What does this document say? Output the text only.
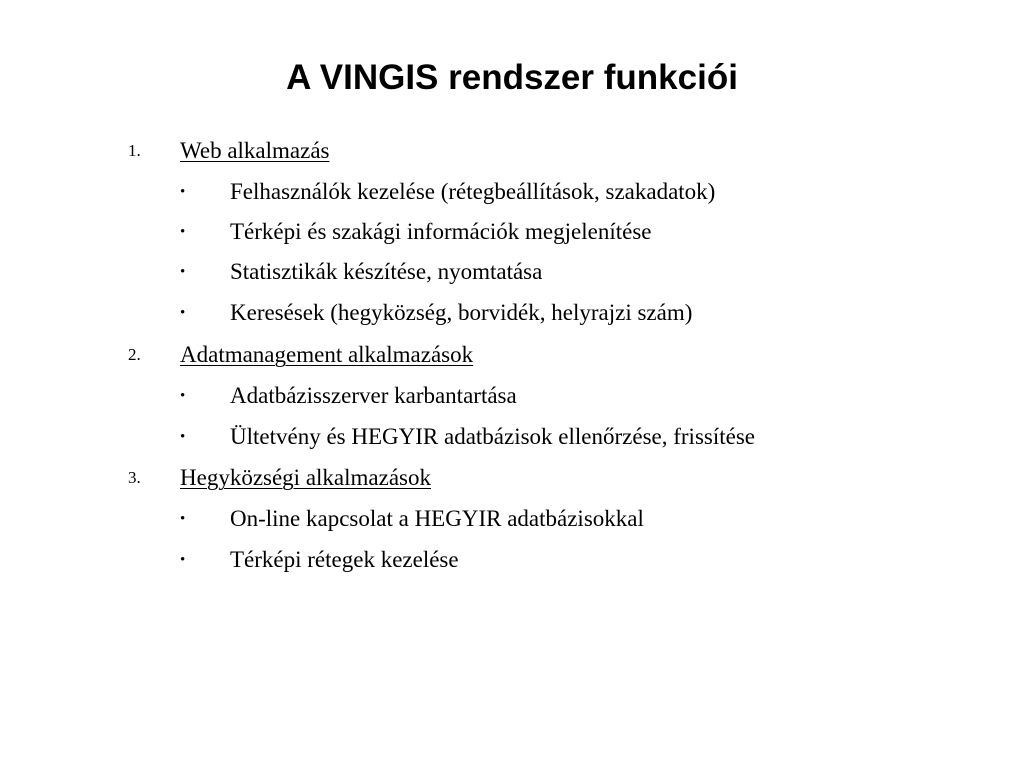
A VINGIS rendszer funkciói
1. Web alkalmazás
• Felhasználók kezelése (rétegbeállítások, szakadatok)
• Térképi és szakági információk megjelenítése
• Statisztikák készítése, nyomtatása
• Keresések (hegyközség, borvidék, helyrajzi szám)
2. Adatmanagement alkalmazások
• Adatbázisszerver karbantartása
• Ültetvény és HEGYIR adatbázisok ellenőrzése, frissítése
3. Hegyközségi alkalmazások
• On-line kapcsolat a HEGYIR adatbázisokkal
• Térképi rétegek kezelése
